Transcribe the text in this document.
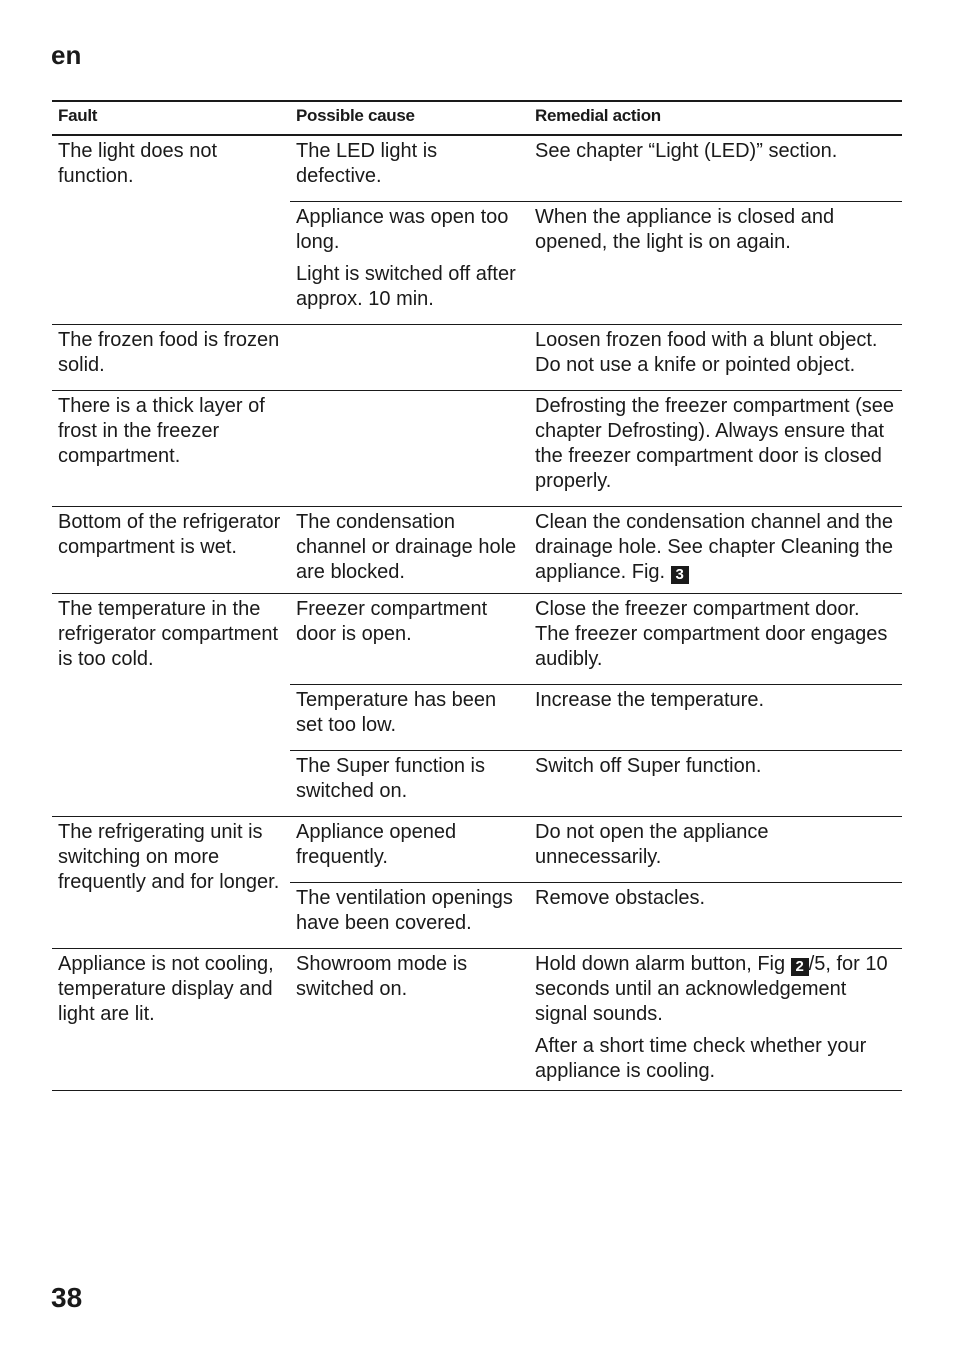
en
Fault	Possible cause	Remedial action
The light does not function.
The LED light is defective.
See chapter “Light (LED)” section.
Appliance was open too long.
Light is switched off after approx. 10 min.
When the appliance is closed and opened, the light is on again.
The frozen food is frozen solid.
Loosen frozen food with a blunt object. Do not use a knife or pointed object.
There is a thick layer of frost in the freezer compartment.
Defrosting the freezer compartment (see chapter Defrosting). Always ensure that the freezer compartment door is closed properly.
Bottom of the refrigerator compartment is wet.
The condensation channel or drainage hole are blocked.
Clean the condensation channel and the drainage hole. See chapter Cleaning the appliance. Fig. 3
The temperature in the refrigerator compartment is too cold.
Freezer compartment door is open.
Close the freezer compartment door. The freezer compartment door engages audibly.
Temperature has been set too low.
Increase the temperature.
The Super function is switched on.
Switch off Super function.
The refrigerating unit is switching on more frequently and for longer.
Appliance opened frequently.
Do not open the appliance unnecessarily.
The ventilation openings have been covered.
Remove obstacles.
Appliance is not cooling, temperature display and light are lit.
Showroom mode is switched on.
Hold down alarm button, Fig 2 /5, for 10 seconds until an acknowledgement signal sounds.
After a short time check whether your appliance is cooling.
38
